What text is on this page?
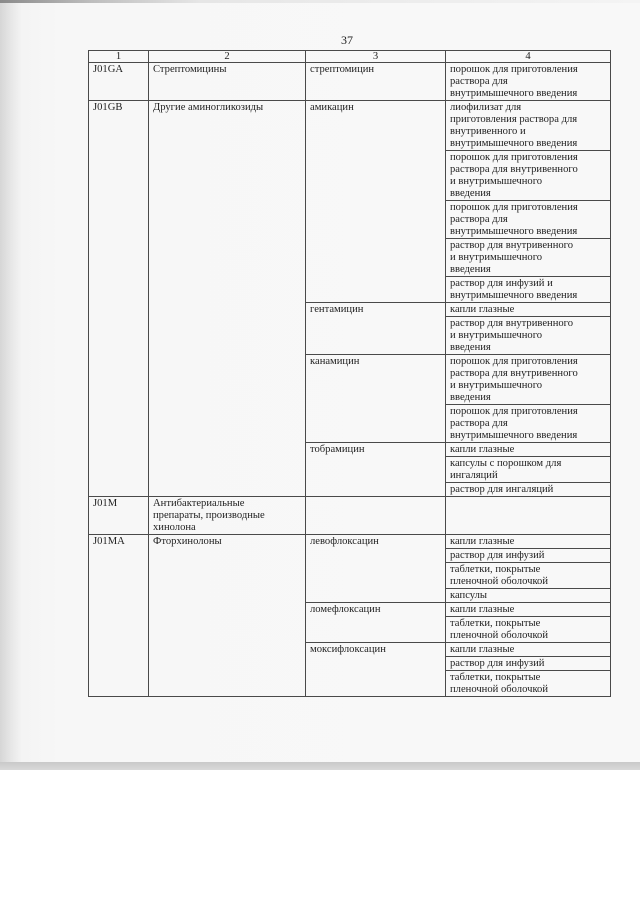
37
1	2	3	4
J01GA	Стрептомицины	стрептомицин	порошок для приготовления
раствора для
внутримышечного введения
J01GB	Другие аминогликозиды	амикацин	лиофилизат для
приготовления раствора для
внутривенного и
внутримышечного введения
			порошок для приготовления
раствора для внутривенного
и внутримышечного
введения
			порошок для приготовления
раствора для
внутримышечного введения
			раствор для внутривенного
и внутримышечного
введения
			раствор для инфузий и
внутримышечного введения
		гентамицин	капли глазные
			раствор для внутривенного
и внутримышечного
введения
		канамицин	порошок для приготовления
раствора для внутривенного
и внутримышечного
введения
			порошок для приготовления
раствора для
внутримышечного введения
		тобрамицин	капли глазные
			капсулы с порошком для
ингаляций
			раствор для ингаляций
J01M	Антибактериальные
препараты, производные
хинолона		
J01MA	Фторхинолоны	левофлоксацин	капли глазные
			раствор для инфузий
			таблетки, покрытые
пленочной оболочкой
			капсулы
		ломефлоксацин	капли глазные
			таблетки, покрытые
пленочной оболочкой
		моксифлоксацин	капли глазные
			раствор для инфузий
			таблетки, покрытые
пленочной оболочкой
